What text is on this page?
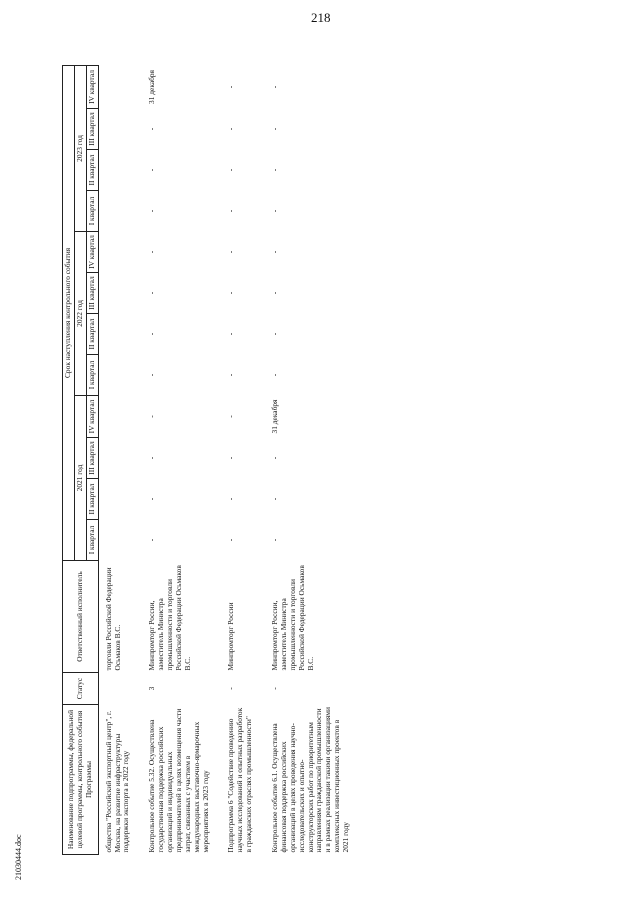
218
Наименование подпрограммы, федеральной целевой программы, контрольного события Программы	Статус	Ответственный исполнитель	Срок наступления контрольного события											
			2021 год				2022 год				2023 год			
			I квартал	II квартал	III квартал	IV квартал	I квартал	II квартал	III квартал	IV квартал	I квартал	II квартал	III квартал	IV квартал
общества "Российский экспортный центр", г. Москва, на развитие инфраструктуры поддержки экспорта в 2022 году		торговли Российской Федерации Осьмаков В.С.												
Контрольное событие 5.32. Осуществлена государственная поддержка российских организаций и индивидуальных предпринимателей в целях возмещения части затрат, связанных с участием в международных выставочно-ярмарочных мероприятиях в 2023 году	3	Минпромторг России, заместитель Министра промышленности и торговли Российской Федерации Осьмаков В.С.	-	-	-	-	-	-	-	-	-	-	-	31 декабря
Подпрограмма 6 "Содействие проведению научных исследований и опытных разработок в гражданских отраслях промышленности"	-	Минпромторг России	-	-	-	-	-	-	-	-	-	-	-	-
Контрольное событие 6.1. Осуществлена финансовая поддержка российских организаций в целях проведения научно-исследовательских и опытно-конструкторских работ по приоритетным направлениям гражданской промышленности и в рамках реализации такими организациями комплексных инвестиционных проектов в 2021 году	-	Минпромторг России, заместитель Министра промышленности и торговли Российской Федерации Осьмаков В.С.	-	-	-	31 декабря	-	-	-	-	-	-	-	-
21030444.doc
